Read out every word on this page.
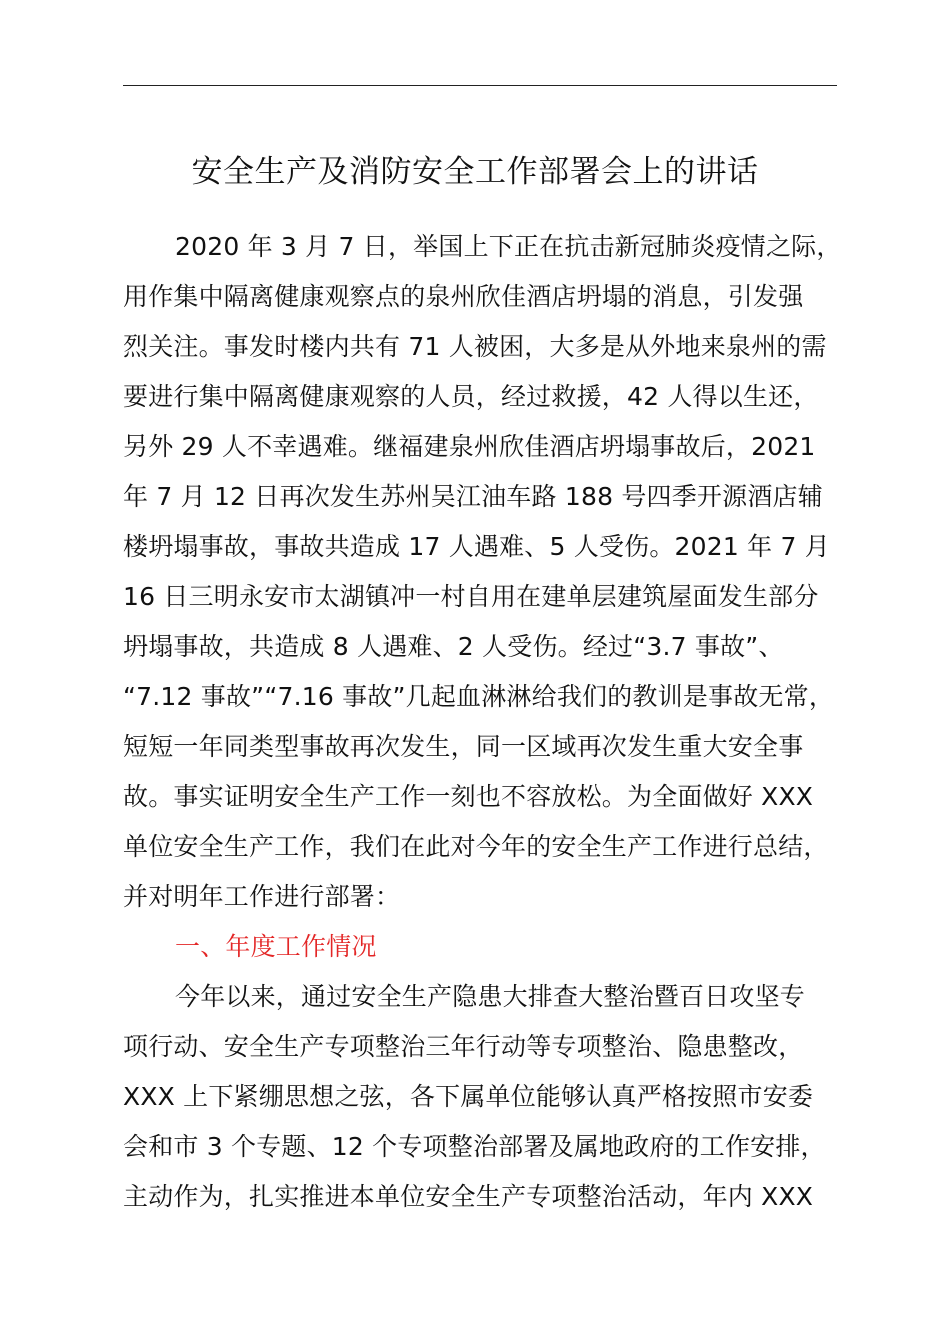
安全生产及消防安全工作部署会上的讲话
2020 年 3 月 7 日，举国上下正在抗击新冠肺炎疫情之际，
用作集中隔离健康观察点的泉州欣佳酒店坍塌的消息，引发强
烈关注。事发时楼内共有 71 人被困，大多是从外地来泉州的需
要进行集中隔离健康观察的人员，经过救援，42 人得以生还，
另外 29 人不幸遇难。继福建泉州欣佳酒店坍塌事故后，2021
年 7 月 12 日再次发生苏州吴江油车路 188 号四季开源酒店辅
楼坍塌事故，事故共造成 17 人遇难、5 人受伤。2021 年 7 月
16 日三明永安市太湖镇冲一村自用在建单层建筑屋面发生部分
坍塌事故，共造成 8 人遇难、2 人受伤。经过“3.7 事故”、
“7.12 事故”“7.16 事故”几起血淋淋给我们的教训是事故无常，
短短一年同类型事故再次发生，同一区域再次发生重大安全事
故。事实证明安全生产工作一刻也不容放松。为全面做好 XXX
单位安全生产工作，我们在此对今年的安全生产工作进行总结，
并对明年工作进行部署：
一、年度工作情况
今年以来，通过安全生产隐患大排查大整治暨百日攻坚专
项行动、安全生产专项整治三年行动等专项整治、隐患整改，
XXX 上下紧绷思想之弦，各下属单位能够认真严格按照市安委
会和市 3 个专题、12 个专项整治部署及属地政府的工作安排，
主动作为，扎实推进本单位安全生产专项整治活动，年内 XXX
